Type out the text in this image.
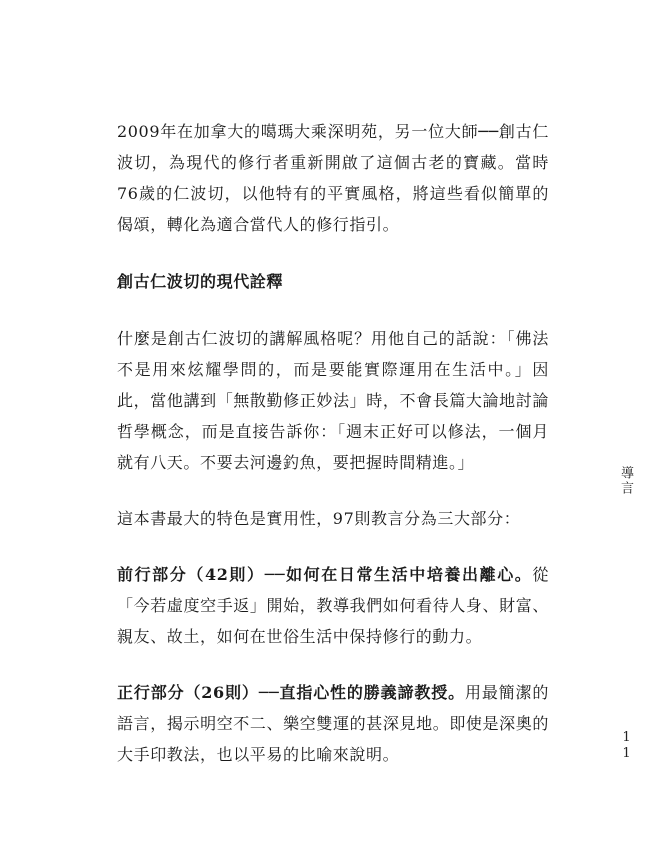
2009年在加拿大的噶瑪大乘深明苑，另一位大師──創古仁波切，為現代的修行者重新開啟了這個古老的寶藏。當時76歲的仁波切，以他特有的平實風格，將這些看似簡單的偈頌，轉化為適合當代人的修行指引。

創古仁波切的現代詮釋

什麼是創古仁波切的講解風格呢？用他自己的話說：「佛法不是用來炫耀學問的，而是要能實際運用在生活中。」因此，當他講到「無散勤修正妙法」時，不會長篇大論地討論哲學概念，而是直接告訴你：「週末正好可以修法，一個月就有八天。不要去河邊釣魚，要把握時間精進。」

這本書最大的特色是實用性，97則教言分為三大部分：

前行部分（42則）──如何在日常生活中培養出離心。從「今若虛度空手返」開始，教導我們如何看待人身、財富、親友、故土，如何在世俗生活中保持修行的動力。

正行部分（26則）──直指心性的勝義諦教授。用最簡潔的語言，揭示明空不二、樂空雙運的甚深見地。即使是深奧的大手印教法，也以平易的比喻來說明。

導言
11
